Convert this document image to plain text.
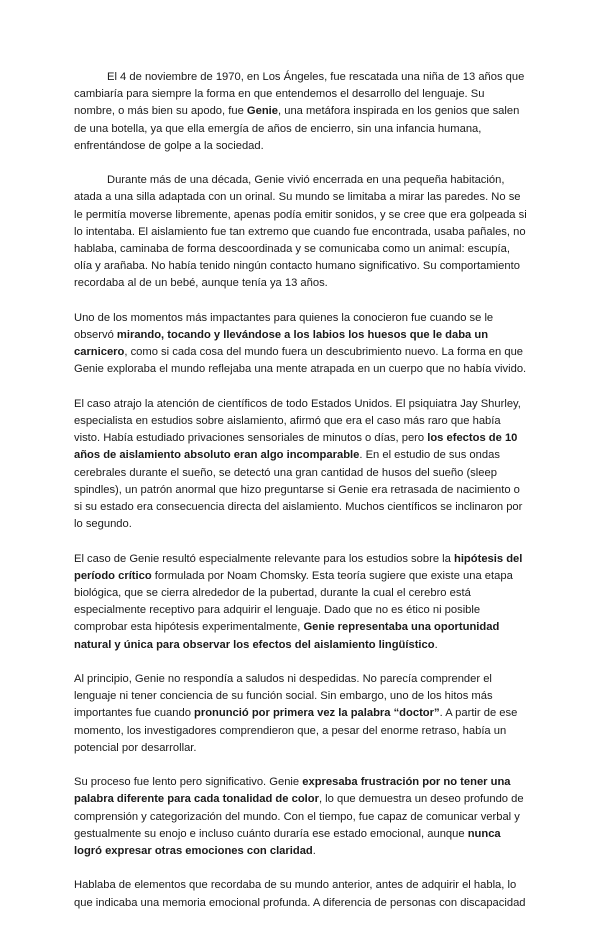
El 4 de noviembre de 1970, en Los Ángeles, fue rescatada una niña de 13 años que cambiaría para siempre la forma en que entendemos el desarrollo del lenguaje. Su nombre, o más bien su apodo, fue Genie, una metáfora inspirada en los genios que salen de una botella, ya que ella emergía de años de encierro, sin una infancia humana, enfrentándose de golpe a la sociedad.

Durante más de una década, Genie vivió encerrada en una pequeña habitación, atada a una silla adaptada con un orinal. Su mundo se limitaba a mirar las paredes. No se le permitía moverse libremente, apenas podía emitir sonidos, y se cree que era golpeada si lo intentaba. El aislamiento fue tan extremo que cuando fue encontrada, usaba pañales, no hablaba, caminaba de forma descoordinada y se comunicaba como un animal: escupía, olía y arañaba. No había tenido ningún contacto humano significativo. Su comportamiento recordaba al de un bebé, aunque tenía ya 13 años.

Uno de los momentos más impactantes para quienes la conocieron fue cuando se le observó mirando, tocando y llevándose a los labios los huesos que le daba un carnicero, como si cada cosa del mundo fuera un descubrimiento nuevo. La forma en que Genie exploraba el mundo reflejaba una mente atrapada en un cuerpo que no había vivido.

El caso atrajo la atención de científicos de todo Estados Unidos. El psiquiatra Jay Shurley, especialista en estudios sobre aislamiento, afirmó que era el caso más raro que había visto. Había estudiado privaciones sensoriales de minutos o días, pero los efectos de 10 años de aislamiento absoluto eran algo incomparable. En el estudio de sus ondas cerebrales durante el sueño, se detectó una gran cantidad de husos del sueño (sleep spindles), un patrón anormal que hizo preguntarse si Genie era retrasada de nacimiento o si su estado era consecuencia directa del aislamiento. Muchos científicos se inclinaron por lo segundo.

El caso de Genie resultó especialmente relevante para los estudios sobre la hipótesis del período crítico formulada por Noam Chomsky. Esta teoría sugiere que existe una etapa biológica, que se cierra alrededor de la pubertad, durante la cual el cerebro está especialmente receptivo para adquirir el lenguaje. Dado que no es ético ni posible comprobar esta hipótesis experimentalmente, Genie representaba una oportunidad natural y única para observar los efectos del aislamiento lingüístico.

Al principio, Genie no respondía a saludos ni despedidas. No parecía comprender el lenguaje ni tener conciencia de su función social. Sin embargo, uno de los hitos más importantes fue cuando pronunció por primera vez la palabra “doctor”. A partir de ese momento, los investigadores comprendieron que, a pesar del enorme retraso, había un potencial por desarrollar.

Su proceso fue lento pero significativo. Genie expresaba frustración por no tener una palabra diferente para cada tonalidad de color, lo que demuestra un deseo profundo de comprensión y categorización del mundo. Con el tiempo, fue capaz de comunicar verbal y gestualmente su enojo e incluso cuánto duraría ese estado emocional, aunque nunca logró expresar otras emociones con claridad.

Hablaba de elementos que recordaba de su mundo anterior, antes de adquirir el habla, lo que indicaba una memoria emocional profunda. A diferencia de personas con discapacidad
